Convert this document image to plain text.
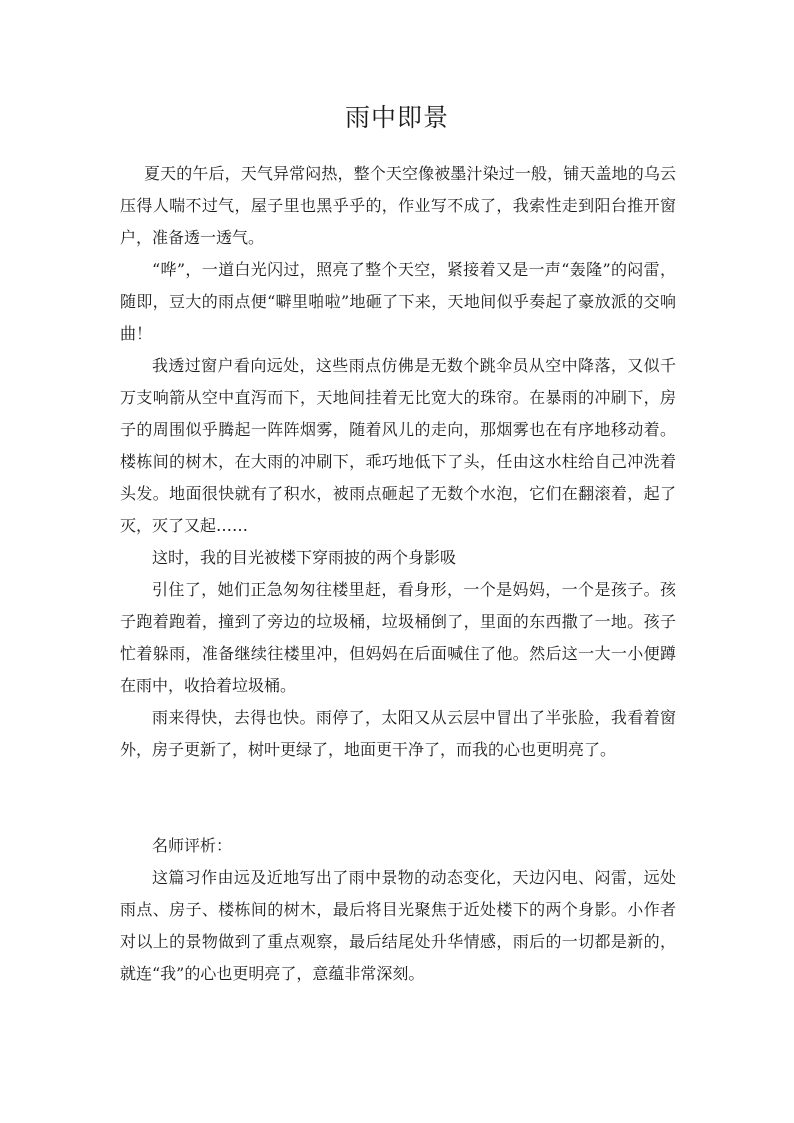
雨中即景

夏天的午后，天气异常闷热，整个天空像被墨汁染过一般，铺天盖地的乌云压得人喘不过气，屋子里也黑乎乎的，作业写不成了，我索性走到阳台推开窗户，准备透一透气。

“哗”，一道白光闪过，照亮了整个天空，紧接着又是一声“轰隆”的闷雷，随即，豆大的雨点便“噼里啪啦”地砸了下来，天地间似乎奏起了豪放派的交响曲！

我透过窗户看向远处，这些雨点仿佛是无数个跳伞员从空中降落，又似千万支响箭从空中直泻而下，天地间挂着无比宽大的珠帘。在暴雨的冲刷下，房子的周围似乎腾起一阵阵烟雾，随着风儿的走向，那烟雾也在有序地移动着。楼栋间的树木，在大雨的冲刷下，乖巧地低下了头，任由这水柱给自己冲洗着头发。地面很快就有了积水，被雨点砸起了无数个水泡，它们在翻滚着，起了灭，灭了又起……

这时，我的目光被楼下穿雨披的两个身影吸

引住了，她们正急匆匆往楼里赶，看身形，一个是妈妈，一个是孩子。孩子跑着跑着，撞到了旁边的垃圾桶，垃圾桶倒了，里面的东西撒了一地。孩子忙着躲雨，准备继续往楼里冲，但妈妈在后面喊住了他。然后这一大一小便蹲在雨中，收拾着垃圾桶。

雨来得快，去得也快。雨停了，太阳又从云层中冒出了半张脸，我看着窗外，房子更新了，树叶更绿了，地面更干净了，而我的心也更明亮了。

名师评析：

这篇习作由远及近地写出了雨中景物的动态变化，天边闪电、闷雷，远处雨点、房子、楼栋间的树木，最后将目光聚焦于近处楼下的两个身影。小作者对以上的景物做到了重点观察，最后结尾处升华情感，雨后的一切都是新的，就连“我”的心也更明亮了，意蕴非常深刻。
